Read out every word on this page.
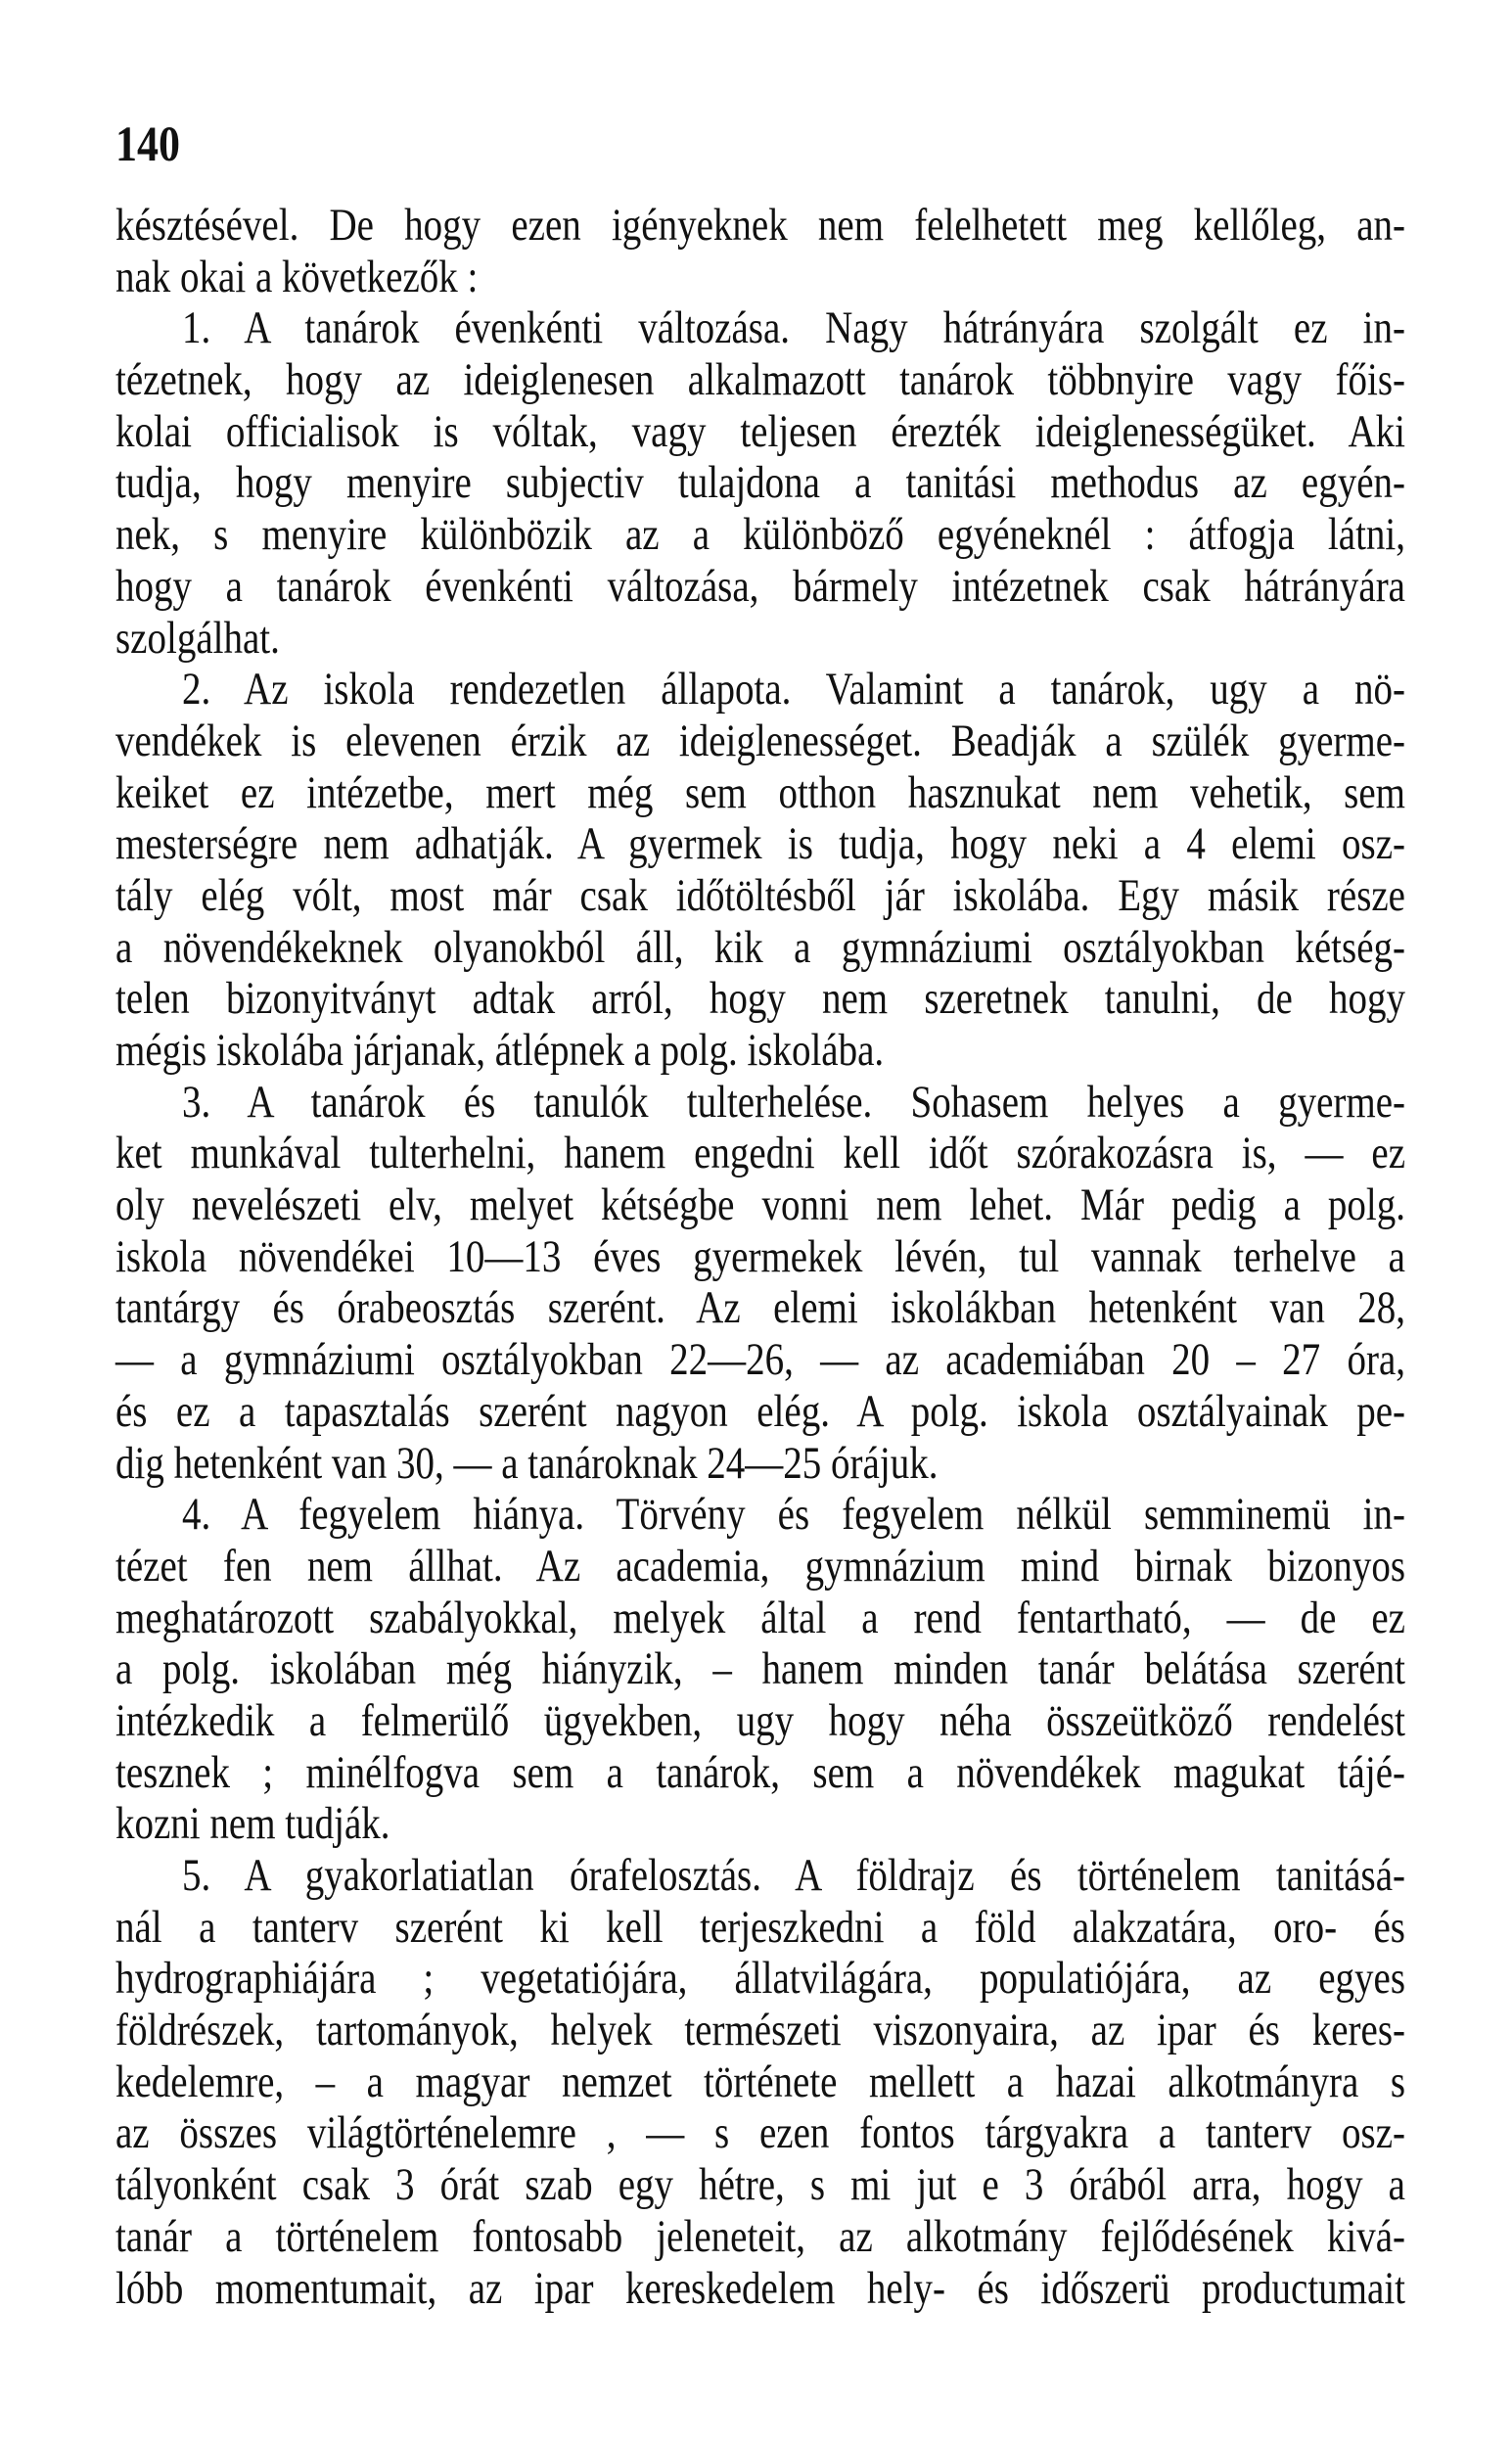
140
késztésével. De hogy ezen igényeknek nem felelhetett meg kellőleg, an-
nak okai a következők :
1. A tanárok évenkénti változása. Nagy hátrányára szolgált ez in-
tézetnek, hogy az ideiglenesen alkalmazott tanárok többnyire vagy főis-
kolai officialisok is vóltak, vagy teljesen érezték ideiglenességüket. Aki
tudja, hogy menyire subjectiv tulajdona a tanitási methodus az egyén-
nek, s menyire különbözik az a különböző egyéneknél : átfogja látni,
hogy a tanárok évenkénti változása, bármely intézetnek csak hátrányára
szolgálhat.
2. Az iskola rendezetlen állapota. Valamint a tanárok, ugy a nö-
vendékek is elevenen érzik az ideiglenességet. Beadják a szülék gyerme-
keiket ez intézetbe, mert még sem otthon hasznukat nem vehetik, sem
mesterségre nem adhatják. A gyermek is tudja, hogy neki a 4 elemi osz-
tály elég vólt, most már csak időtöltésből jár iskolába. Egy másik része
a növendékeknek olyanokból áll, kik a gymnáziumi osztályokban kétség-
telen bizonyitványt adtak arról, hogy nem szeretnek tanulni, de hogy
mégis iskolába járjanak, átlépnek a polg. iskolába.
3. A tanárok és tanulók tulterhelése. Sohasem helyes a gyerme-
ket munkával tulterhelni, hanem engedni kell időt szórakozásra is, — ez
oly nevelészeti elv, melyet kétségbe vonni nem lehet. Már pedig a polg.
iskola növendékei 10—13 éves gyermekek lévén, tul vannak terhelve a
tantárgy és órabeosztás szerént. Az elemi iskolákban hetenként van 28,
— a gymnáziumi osztályokban 22—26, — az academiában 20 – 27 óra,
és ez a tapasztalás szerént nagyon elég. A polg. iskola osztályainak pe-
dig hetenként van 30, — a tanároknak 24—25 órájuk.
4. A fegyelem hiánya. Törvény és fegyelem nélkül semminemü in-
tézet fen nem állhat. Az academia, gymnázium mind birnak bizonyos
meghatározott szabályokkal, melyek által a rend fentartható, — de ez
a polg. iskolában még hiányzik, – hanem minden tanár belátása szerént
intézkedik a felmerülő ügyekben, ugy hogy néha összeütköző rendelést
tesznek ; minélfogva sem a tanárok, sem a növendékek magukat tájé-
kozni nem tudják.
5. A gyakorlatiatlan órafelosztás. A földrajz és történelem tanitásá-
nál a tanterv szerént ki kell terjeszkedni a föld alakzatára, oro- és
hydrographiájára ; vegetatiójára, állatvilágára, populatiójára, az egyes
földrészek, tartományok, helyek természeti viszonyaira, az ipar és keres-
kedelemre, – a magyar nemzet története mellett a hazai alkotmányra s
az összes világtörténelemre , — s ezen fontos tárgyakra a tanterv osz-
tályonként csak 3 órát szab egy hétre, s mi jut e 3 órából arra, hogy a
tanár a történelem fontosabb jeleneteit, az alkotmány fejlődésének kivá-
lóbb momentumait, az ipar kereskedelem hely- és időszerü productumait
